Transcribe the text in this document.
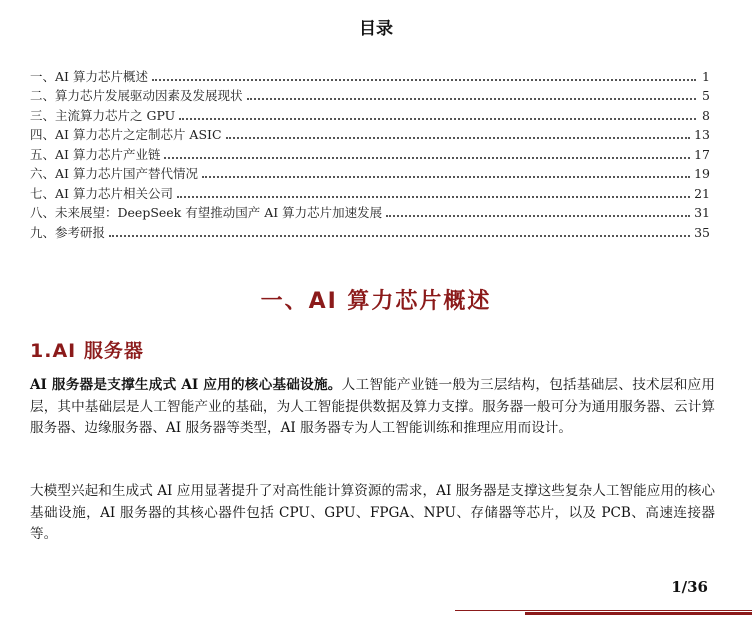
目录
一、AI 算力芯片概述	1
二、算力芯片发展驱动因素及发展现状	5
三、主流算力芯片之 GPU	8
四、AI 算力芯片之定制芯片 ASIC	13
五、AI 算力芯片产业链	17
六、AI 算力芯片国产替代情况	19
七、AI 算力芯片相关公司	21
八、未来展望：DeepSeek 有望推动国产 AI 算力芯片加速发展	31
九、参考研报	35
一、AI 算力芯片概述
1.AI 服务器

AI 服务器是支撑生成式 AI 应用的核心基础设施。人工智能产业链一般为三层结构，包括基础层、技术层和应用层，其中基础层是人工智能产业的基础，为人工智能提供数据及算力支撑。服务器一般可分为通用服务器、云计算服务器、边缘服务器、AI 服务器等类型，AI 服务器专为人工智能训练和推理应用而设计。

大模型兴起和生成式 AI 应用显著提升了对高性能计算资源的需求，AI 服务器是支撑这些复杂人工智能应用的核心基础设施，AI 服务器的其核心器件包括 CPU、GPU、FPGA、NPU、存储器等芯片，以及 PCB、高速连接器等。

1/36
